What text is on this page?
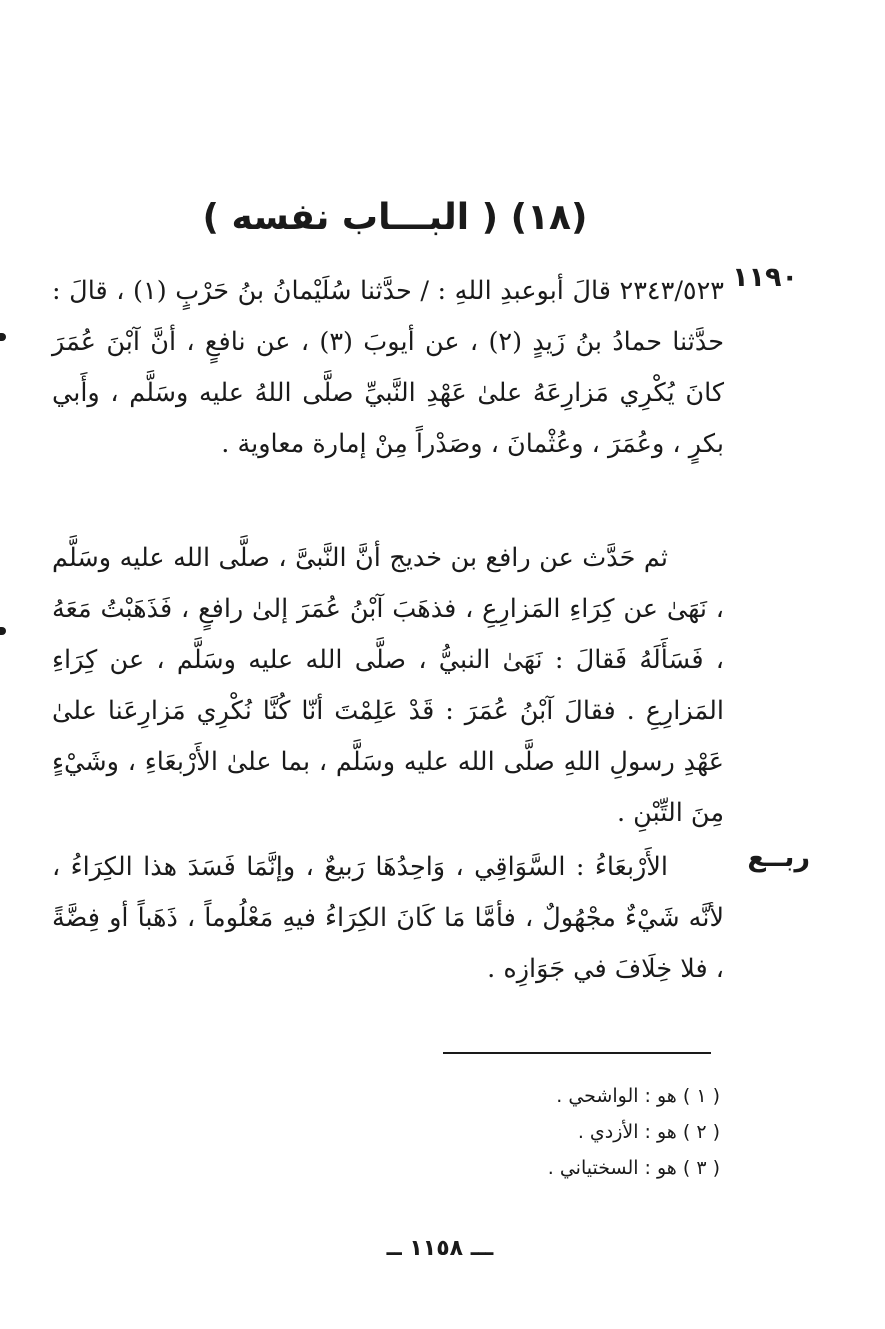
(١٨) ( البـــاب نفسه )
١١٩٠
٢٣٤٣/٥٢٣ قالَ أبوعبدِ اللهِ : / حدَّثنا سُلَيْمانُ بنُ حَرْبٍ (١) ، قالَ : حدَّثنا حمادُ بنُ زَيدٍ (٢) ، عن أيوبَ (٣) ، عن نافعٍ ، أنَّ آبْنَ عُمَرَ كانَ يُكْرِي مَزارِعَهُ علىٰ عَهْدِ النَّبيِّ صلَّى اللهُ عليه وسَلَّم ، وأَبي بكرٍ ، وعُمَرَ ، وعُثْمانَ ، وصَدْراً مِنْ إمارة معاوية .
ثم حَدَّث عن رافع بن خديج أنَّ النَّبىَّ ، صلَّى الله عليه وسَلَّم ، نَهَىٰ عن كِرَاءِ المَزارِعِ ، فذهَبَ آبْنُ عُمَرَ إلىٰ رافعٍ ، فَذَهَبْتُ مَعَهُ ، فَسَأَلَهُ فَقالَ : نَهَىٰ النبيُّ ، صلَّى الله عليه وسَلَّم ، عن كِرَاءِ المَزارِعِ . فقالَ آبْنُ عُمَرَ : قَدْ عَلِمْتَ أنّا كُنَّا نُكْرِي مَزارِعَنا علىٰ عَهْدِ رسولِ اللهِ صلَّى الله عليه وسَلَّم ، بما علىٰ الأَرْبعَاءِ ، وشَيْءٍ مِنَ التِّبْنِ .
ربــع
الأَرْبعَاءُ : السَّوَاقِي ، وَاحِدُهَا رَبيعٌ ، وإنَّمَا فَسَدَ هذا الكِرَاءُ ، لأنَّه شَيْءٌ مجْهُولٌ ، فأمَّا مَا كَانَ الكِرَاءُ فيهِ مَعْلُوماً ، ذَهَباً أو فِضَّةً ، فلا خِلَافَ في جَوَازِه .
( ١ ) هو : الواشحي .
( ٢ ) هو : الأزدي .
( ٣ ) هو : السختياني .
ـــ ١١٥٨ ــ
